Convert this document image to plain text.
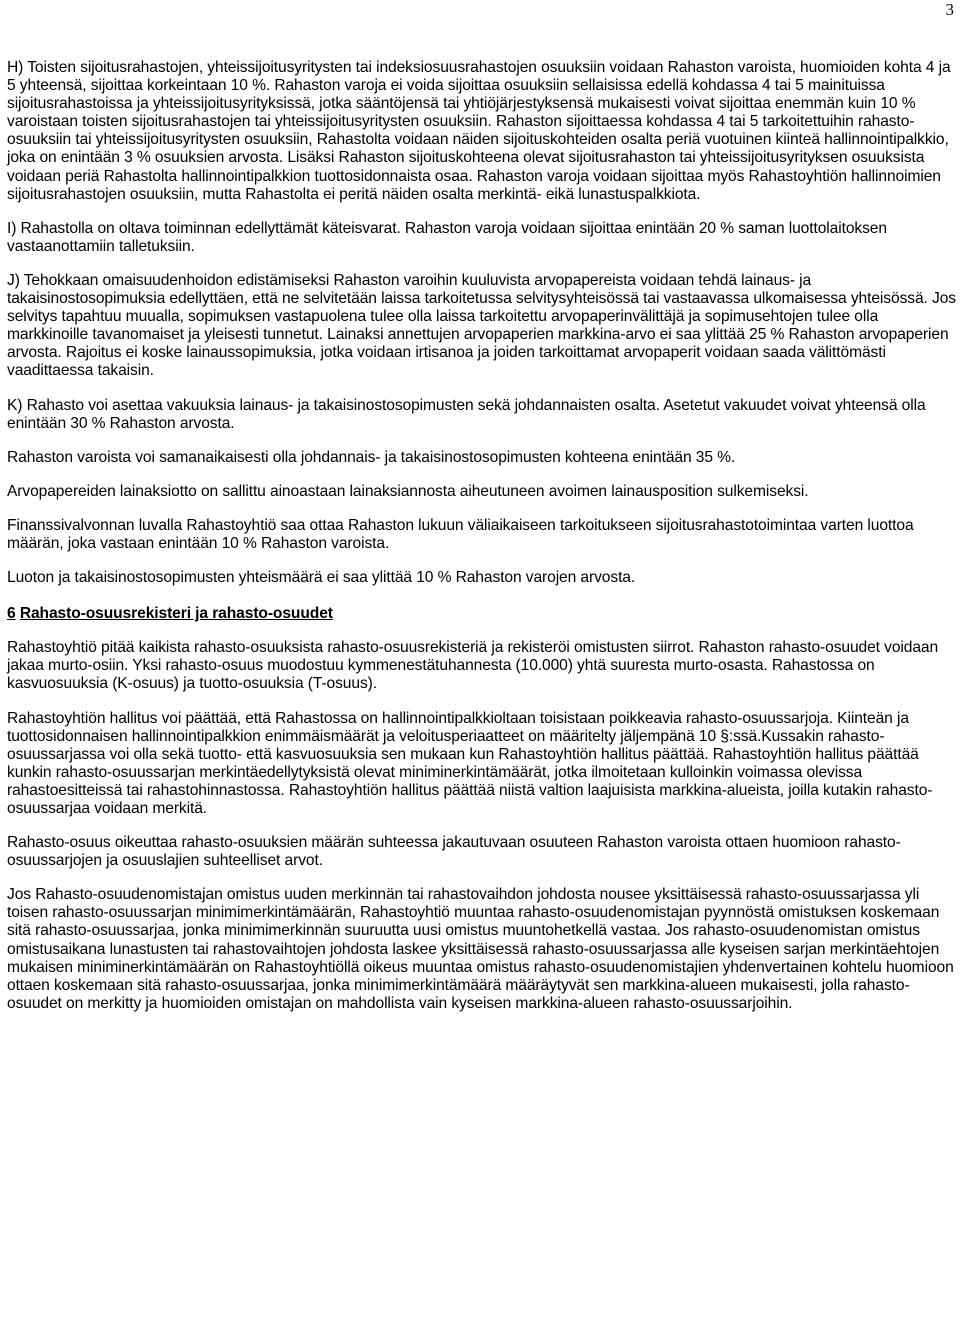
3

H) Toisten sijoitusrahastojen, yhteissijoitusyritysten tai indeksiosuusrahastojen osuuksiin voidaan Rahaston varoista, huomioiden kohta 4 ja 5 yhteensä, sijoittaa korkeintaan 10 %. Rahaston varoja ei voida sijoittaa osuuksiin sellaisissa edellä kohdassa 4 tai 5 mainituissa sijoitusrahastoissa ja yhteissijoitusyrityksissä, jotka sääntöjensä tai yhtiöjärjestyksensä mukaisesti voivat sijoittaa enemmän kuin 10 % varoistaan toisten sijoitusrahastojen tai yhteissijoitusyritysten osuuksiin. Rahaston sijoittaessa kohdassa 4 tai 5 tarkoitettuihin rahasto-osuuksiin tai yhteissijoitusyritysten osuuksiin, Rahastolta voidaan näiden sijoituskohteiden osalta periä vuotuinen kiinteä hallinnointipalkkio, joka on enintään 3 % osuuksien arvosta. Lisäksi Rahaston sijoituskohteena olevat sijoitusrahaston tai yhteissijoitusyrityksen osuuksista voidaan periä Rahastolta hallinnointipalkkion tuottosidonnaista osaa. Rahaston varoja voidaan sijoittaa myös Rahastoyhtiön hallinnoimien sijoitusrahastojen osuuksiin, mutta Rahastolta ei peritä näiden osalta merkintä- eikä lunastuspalkkiota.

I) Rahastolla on oltava toiminnan edellyttämät käteisvarat. Rahaston varoja voidaan sijoittaa enintään 20 % saman luottolaitoksen vastaanottamiin talletuksiin.

J) Tehokkaan omaisuudenhoidon edistämiseksi Rahaston varoihin kuuluvista arvopapereista voidaan tehdä lainaus- ja takaisinostosopimuksia edellyttäen, että ne selvitetään laissa tarkoitetussa selvitysyhteisössä tai vastaavassa ulkomaisessa yhteisössä. Jos selvitys tapahtuu muualla, sopimuksen vastapuolena tulee olla laissa tarkoitettu arvopaperinvälittäjä ja sopimusehtojen tulee olla markkinoille tavanomaiset ja yleisesti tunnetut. Lainaksi annettujen arvopaperien markkina-arvo ei saa ylittää 25 % Rahaston arvopaperien arvosta. Rajoitus ei koske lainaussopimuksia, jotka voidaan irtisanoa ja joiden tarkoittamat arvopaperit voidaan saada välittömästi vaadittaessa takaisin.

K) Rahasto voi asettaa vakuuksia lainaus- ja takaisinostosopimusten sekä johdannaisten osalta. Asetetut vakuudet voivat yhteensä olla enintään 30 % Rahaston arvosta.

Rahaston varoista voi samanaikaisesti olla johdannais- ja takaisinostosopimusten kohteena enintään 35 %.

Arvopapereiden lainaksiotto on sallittu ainoastaan lainaksiannosta aiheutuneen avoimen lainausposition sulkemiseksi.

Finanssivalvonnan luvalla Rahastoyhtiö saa ottaa Rahaston lukuun väliaikaiseen tarkoitukseen sijoitusrahastotoimintaa varten luottoa määrän, joka vastaan enintään 10 % Rahaston varoista.

Luoton ja takaisinostosopimusten yhteismäärä ei saa ylittää 10 % Rahaston varojen arvosta.

6 Rahasto-osuusrekisteri ja rahasto-osuudet

Rahastoyhtiö pitää kaikista rahasto-osuuksista rahasto-osuusrekisteriä ja rekisteröi omistusten siirrot. Rahaston rahasto-osuudet voidaan jakaa murto-osiin. Yksi rahasto-osuus muodostuu kymmenestätuhannesta (10.000) yhtä suuresta murto-osasta. Rahastossa on kasvuosuuksia (K-osuus) ja tuotto-osuuksia (T-osuus).

Rahastoyhtiön hallitus voi päättää, että Rahastossa on hallinnointipalkkioltaan toisistaan poikkeavia rahasto-osuussarjoja. Kiinteän ja tuottosidonnaisen hallinnointipalkkion enimmäismäärät ja veloitusperiaatteet on määritelty jäljempänä 10 §:ssä.Kussakin rahasto-osuussarjassa voi olla sekä tuotto- että kasvuosuuksia sen mukaan kun Rahastoyhtiön hallitus päättää. Rahastoyhtiön hallitus päättää kunkin rahasto-osuussarjan merkintäedellytyksistä olevat miniminerkintämäärät, jotka ilmoitetaan kulloinkin voimassa olevissa rahastoesitteissä tai rahastohinnastossa. Rahastoyhtiön hallitus päättää niistä valtion laajuisista markkina-alueista, joilla kutakin rahasto-osuussarjaa voidaan merkitä.

Rahasto-osuus oikeuttaa rahasto-osuuksien määrän suhteessa jakautuvaan osuuteen Rahaston varoista ottaen huomioon rahasto-osuussarjojen ja osuuslajien suhteelliset arvot.

Jos Rahasto-osuudenomistajan omistus uuden merkinnän tai rahastovaihdon johdosta nousee yksittäisessä rahasto-osuussarjassa yli toisen rahasto-osuussarjan minimimerkintämäärän, Rahastoyhtiö muuntaa rahasto-osuudenomistajan pyynnöstä omistuksen koskemaan sitä rahasto-osuussarjaa, jonka minimimerkinnän suuruutta uusi omistus muuntohetkellä vastaa. Jos rahasto-osuudenomistan omistus omistusaikana lunastusten tai rahastovaihtojen johdosta laskee yksittäisessä rahasto-osuussarjassa alle kyseisen sarjan merkintäehtojen mukaisen miniminerkintämäärän on Rahastoyhtiöllä oikeus muuntaa omistus rahasto-osuudenomistajien yhdenvertainen kohtelu huomioon ottaen koskemaan sitä rahasto-osuussarjaa, jonka minimimerkintämäärä määräytyvät sen markkina-alueen mukaisesti, jolla rahasto-osuudet on merkitty ja huomioiden omistajan on mahdollista vain kyseisen markkina-alueen rahasto-osuussarjoihin.
